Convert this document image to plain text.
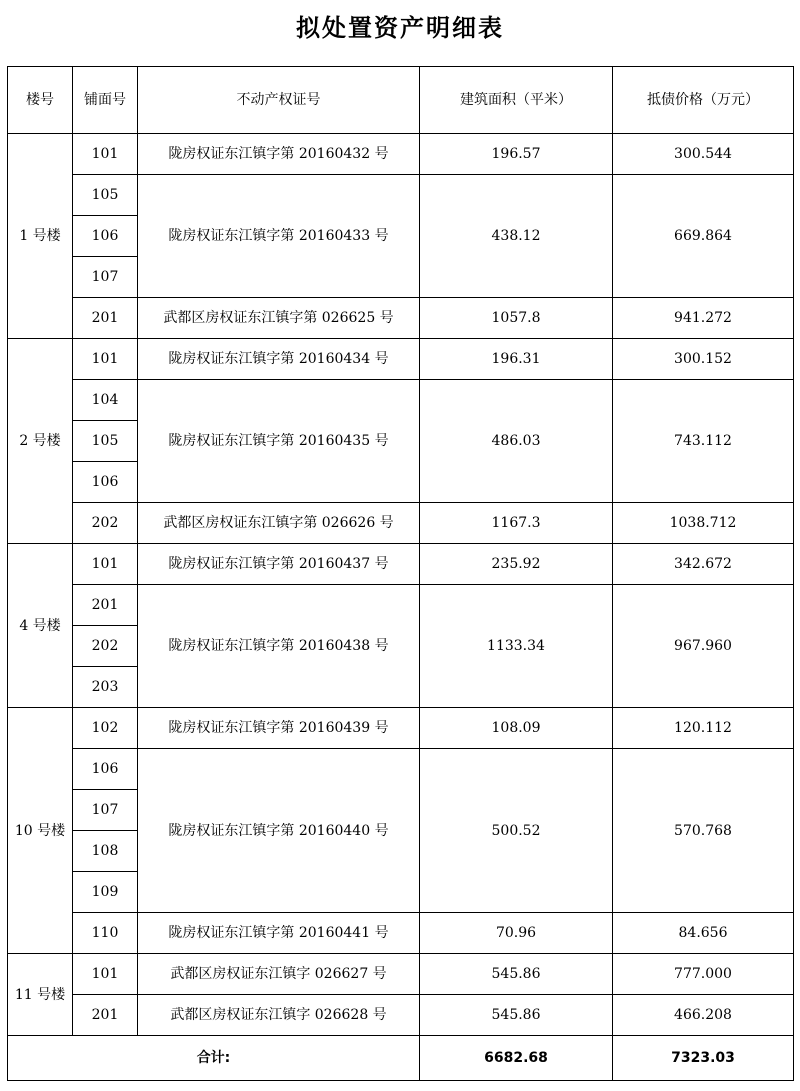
拟处置资产明细表
楼号	铺面号	不动产权证号	建筑面积（平米）	抵债价格（万元）
1 号楼	101	陇房权证东江镇字第 20160432 号	196.57	300.544
	105	陇房权证东江镇字第 20160433 号	438.12	669.864
	106			
	107			
	201	武都区房权证东江镇字第 026625 号	1057.8	941.272
2 号楼	101	陇房权证东江镇字第 20160434 号	196.31	300.152
	104	陇房权证东江镇字第 20160435 号	486.03	743.112
	105			
	106			
	202	武都区房权证东江镇字第 026626 号	1167.3	1038.712
4 号楼	101	陇房权证东江镇字第 20160437 号	235.92	342.672
	201	陇房权证东江镇字第 20160438 号	1133.34	967.960
	202			
	203			
10 号楼	102	陇房权证东江镇字第 20160439 号	108.09	120.112
	106	陇房权证东江镇字第 20160440 号	500.52	570.768
	107			
	108			
	109			
	110	陇房权证东江镇字第 20160441 号	70.96	84.656
11 号楼	101	武都区房权证东江镇字 026627 号	545.86	777.000
	201	武都区房权证东江镇字 026628 号	545.86	466.208
合计:			6682.68	7323.03
